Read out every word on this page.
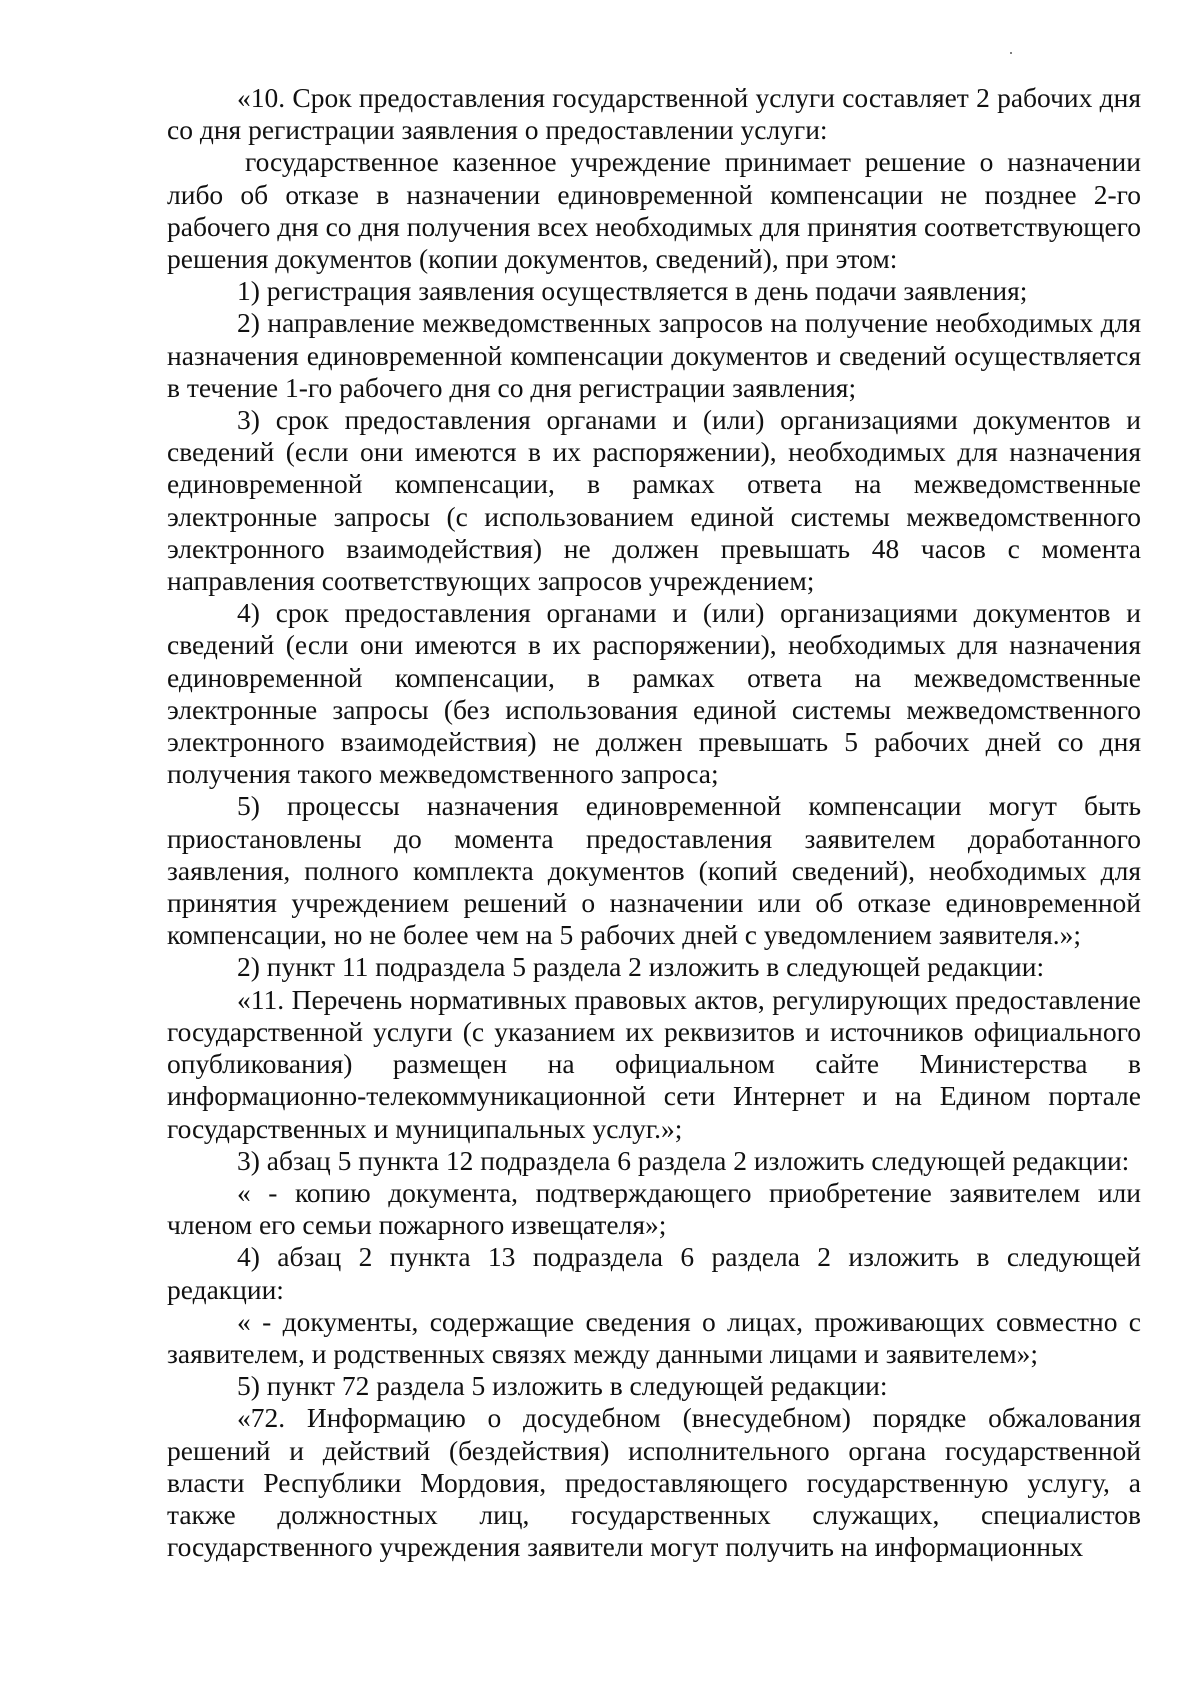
«10. Срок предоставления государственной услуги составляет 2 рабочих дня со дня регистрации заявления о предоставлении услуги:

государственное казенное учреждение принимает решение о назначении либо об отказе в назначении единовременной компенсации не позднее 2-го рабочего дня со дня получения всех необходимых для принятия соответствующего решения документов (копии документов, сведений), при этом:

1) регистрация заявления осуществляется в день подачи заявления;

2) направление межведомственных запросов на получение необходимых для назначения единовременной компенсации документов и сведений осуществляется в течение 1-го рабочего дня со дня регистрации заявления;

3) срок предоставления органами и (или) организациями документов и сведений (если они имеются в их распоряжении), необходимых для назначения единовременной компенсации, в рамках ответа на межведомственные электронные запросы (с использованием единой системы межведомственного электронного взаимодействия) не должен превышать 48 часов с момента направления соответствующих запросов учреждением;

4) срок предоставления органами и (или) организациями документов и сведений (если они имеются в их распоряжении), необходимых для назначения единовременной компенсации, в рамках ответа на межведомственные электронные запросы (без использования единой системы межведомственного электронного взаимодействия) не должен превышать 5 рабочих дней со дня получения такого межведомственного запроса;

5) процессы назначения единовременной компенсации могут быть приостановлены до момента предоставления заявителем доработанного заявления, полного комплекта документов (копий сведений), необходимых для принятия учреждением решений о назначении или об отказе единовременной компенсации, но не более чем на 5 рабочих дней с уведомлением заявителя.»;

2) пункт 11 подраздела 5 раздела 2 изложить в следующей редакции:

«11. Перечень нормативных правовых актов, регулирующих предоставление государственной услуги (с указанием их реквизитов и источников официального опубликования) размещен на официальном сайте Министерства в информационно-телекоммуникационной сети Интернет и на Едином портале государственных и муниципальных услуг.»;

3) абзац 5 пункта 12 подраздела 6 раздела 2 изложить следующей редакции:

« - копию документа, подтверждающего приобретение заявителем или членом его семьи пожарного извещателя»;

4) абзац 2 пункта 13 подраздела 6 раздела 2 изложить в следующей редакции:

« - документы, содержащие сведения о лицах, проживающих совместно с заявителем, и родственных связях между данными лицами и заявителем»;

5) пункт 72 раздела 5 изложить в следующей редакции:

«72. Информацию о досудебном (внесудебном) порядке обжалования решений и действий (бездействия) исполнительного органа государственной власти Республики Мордовия, предоставляющего государственную услугу, а также должностных лиц, государственных служащих, специалистов государственного учреждения заявители могут получить на информационных
